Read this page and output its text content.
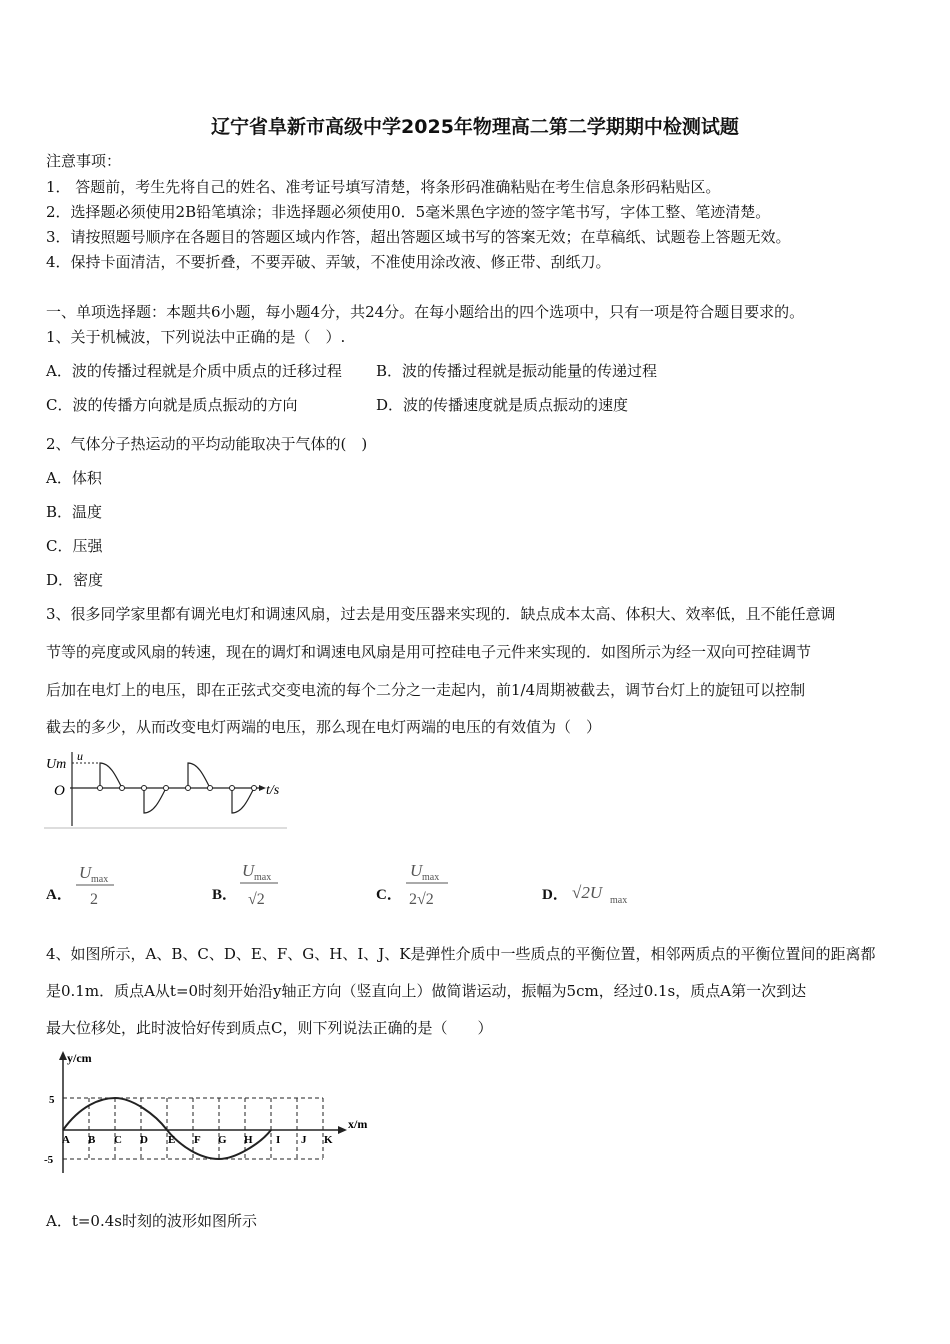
辽宁省阜新市高级中学2025年物理高二第二学期期中检测试题
注意事项：
1． 答题前，考生先将自己的姓名、准考证号填写清楚，将条形码准确粘贴在考生信息条形码粘贴区。
2．选择题必须使用2B铅笔填涂；非选择题必须使用0．5毫米黑色字迹的签字笔书写，字体工整、笔迹清楚。
3．请按照题号顺序在各题目的答题区域内作答，超出答题区域书写的答案无效；在草稿纸、试题卷上答题无效。
4．保持卡面清洁，不要折叠，不要弄破、弄皱，不准使用涂改液、修正带、刮纸刀。
一、单项选择题：本题共6小题，每小题4分，共24分。在每小题给出的四个选项中，只有一项是符合题目要求的。
1、关于机械波，下列说法中正确的是（　）.
A．波的传播过程就是介质中质点的迁移过程 B．波的传播过程就是振动能量的传递过程
C．波的传播方向就是质点振动的方向	D．波的传播速度就是质点振动的速度
2、气体分子热运动的平均动能取决于气体的(　)
A．体积
B．温度
C．压强
D．密度
3、很多同学家里都有调光电灯和调速风扇，过去是用变压器来实现的．缺点成本太高、体积大、效率低，且不能任意调
节等的亮度或风扇的转速，现在的调灯和调速电风扇是用可控硅电子元件来实现的．如图所示为经一双向可控硅调节
后加在电灯上的电压，即在正弦式交变电流的每个二分之一走起内，前1/4周期被截去，调节台灯上的旋钮可以控制
截去的多少，从而改变电灯两端的电压，那么现在电灯两端的电压的有效值为（　）
u
Um
O	t/s
A．
U max
2	B．
U max
√2	C．
U max
2√2	D． √2U max
4、如图所示，A、B、C、D、E、F、G、H、I、J、K是弹性介质中一些质点的平衡位置，相邻两质点的平衡位置间的距离都
是0.1m．质点A从t=0时刻开始沿y轴正方向（竖直向上）做简谐运动，振幅为5cm，经过0.1s，质点A第一次到达
最大位移处，此时波恰好传到质点C，则下列说法正确的是（　　）
y/cm
x/m
5
-5
A B C D E F G H I J K
A．t=0.4s时刻的波形如图所示
